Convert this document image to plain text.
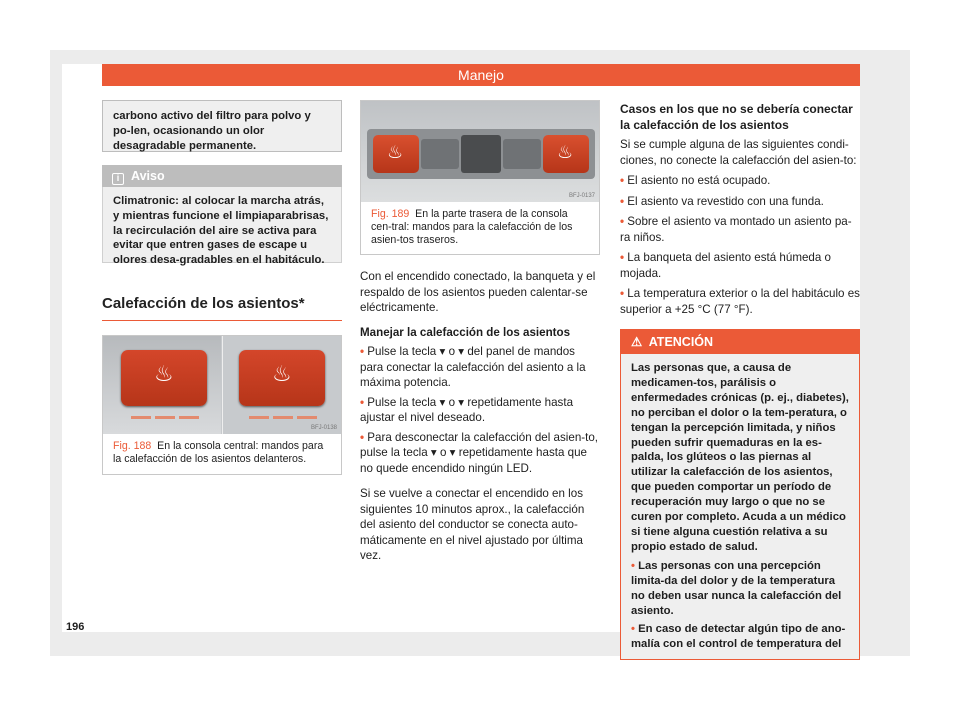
Manejo
carbono activo del filtro para polvo y po-len, ocasionando un olor desagradable permanente.
i Aviso
Climatronic: al colocar la marcha atrás, y mientras funcione el limpiaparabrisas, la recirculación del aire se activa para evitar que entren gases de escape u olores desa-gradables en el habitáculo.
Calefacción de los asientos*
♨	♨
BFJ-0138
Fig. 188 En la consola central: mandos para la calefacción de los asientos delanteros.
♨	♨
BFJ-0137
Fig. 189 En la parte trasera de la consola cen-tral: mandos para la calefacción de los asien-tos traseros.

Con el encendido conectado, la banqueta y el respaldo de los asientos pueden calentar-se eléctricamente.

Manejar la calefacción de los asientos

• Pulse la tecla ▾ o ▾ del panel de mandos para conectar la calefacción del asiento a la máxima potencia.

• Pulse la tecla ▾ o ▾ repetidamente hasta ajustar el nivel deseado.

• Para desconectar la calefacción del asien-to, pulse la tecla ▾ o ▾ repetidamente hasta que no quede encendido ningún LED.

Si se vuelve a conectar el encendido en los siguientes 10 minutos aprox., la calefacción del asiento del conductor se conecta auto-máticamente en el nivel ajustado por última vez.

Casos en los que no se debería conectar la calefacción de los asientos

Si se cumple alguna de las siguientes condi-ciones, no conecte la calefacción del asien-to:

• El asiento no está ocupado.

• El asiento va revestido con una funda.

• Sobre el asiento va montado un asiento pa-ra niños.

• La banqueta del asiento está húmeda o mojada.

• La temperatura exterior o la del habitáculo es superior a +25 °C (77 °F).

⚠ ATENCIÓN

Las personas que, a causa de medicamen-tos, parálisis o enfermedades crónicas (p. ej., diabetes), no perciban el dolor o la tem-peratura, o tengan la percepción limitada, y niños pueden sufrir quemaduras en la es-palda, los glúteos o las piernas al utilizar la calefacción de los asientos, que pueden comportar un período de recuperación muy largo o que no se curen por completo. Acuda a un médico si tiene alguna cuestión relativa a su propio estado de salud.

• Las personas con una percepción limita-da del dolor y de la temperatura no deben usar nunca la calefacción del asiento.

• En caso de detectar algún tipo de ano-malía con el control de temperatura del

196
